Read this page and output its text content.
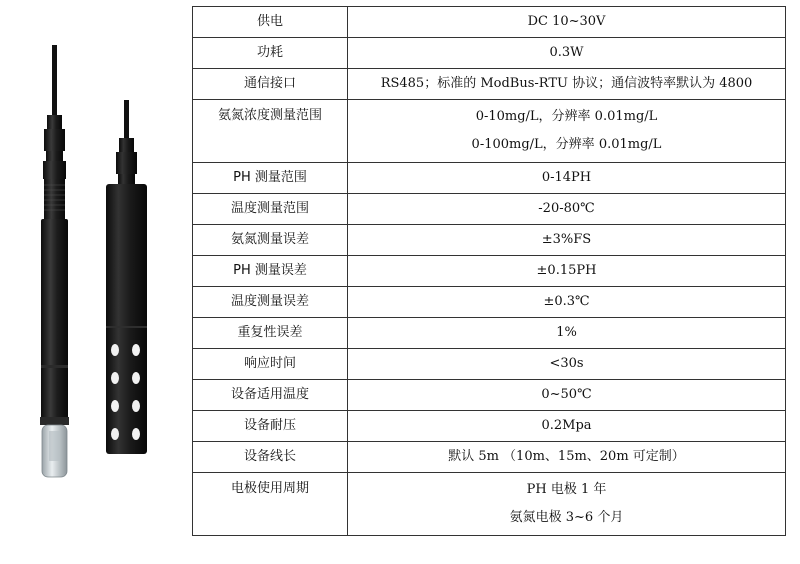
供电	DC 10~30V
功耗	0.3W
通信接口	RS485；标准的 ModBus-RTU 协议；通信波特率默认为 4800
氨氮浓度测量范围	0-10mg/L，分辨率 0.01mg/L
0-100mg/L，分辨率 0.01mg/L

PH 测量范围	0-14PH
温度测量范围	-20-80℃
氨氮测量误差	±3%FS
PH 测量误差	±0.15PH
温度测量误差	±0.3℃
重复性误差	1%
响应时间	<30s
设备适用温度	0~50℃
设备耐压	0.2Mpa
设备线长	默认 5m （10m、15m、20m 可定制）
电极使用周期	PH 电极 1 年
氨氮电极 3~6 个月
